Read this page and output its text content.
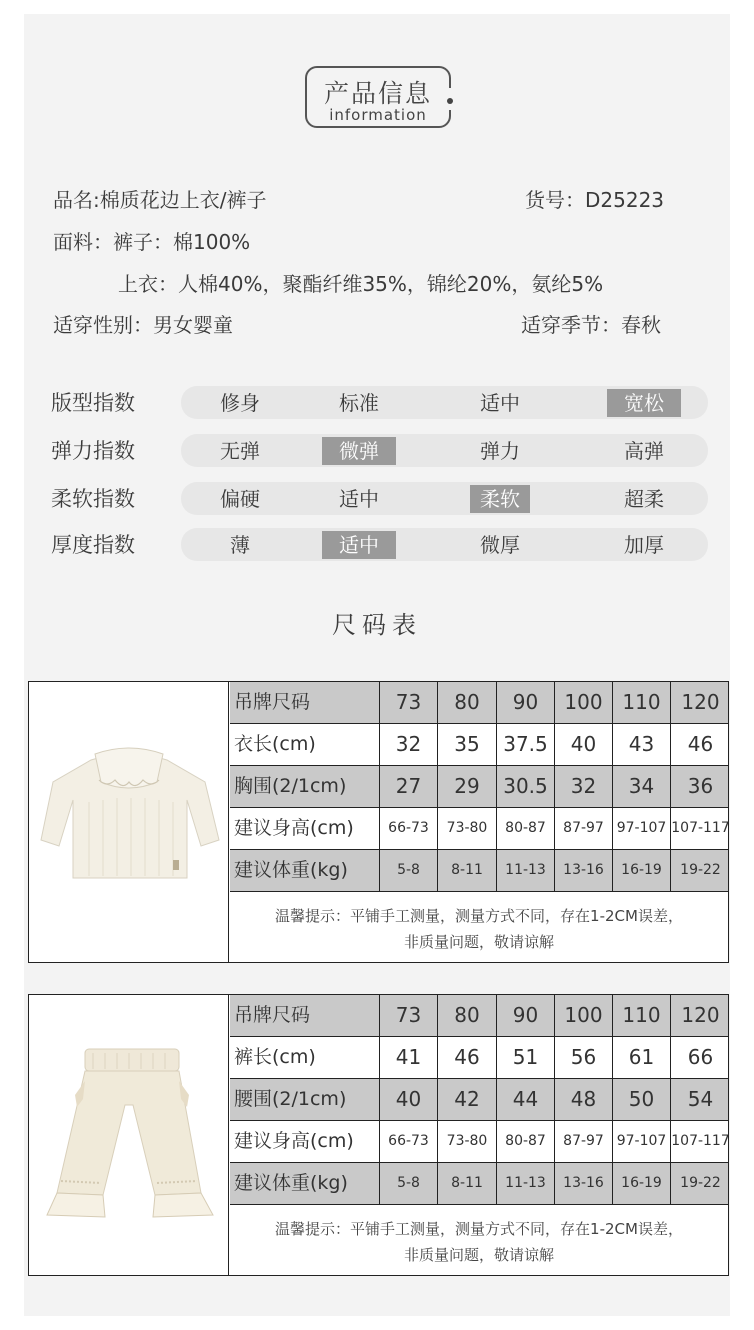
产品信息
information
品名:棉质花边上衣/裤子	货号：D25223
面料：裤子：棉100%
上衣：人棉40%，聚酯纤维35%，锦纶20%，氨纶5%
适穿性别：男女婴童	适穿季节：春秋
版型指数	修身	标准	适中	宽松
弹力指数	无弹	微弹	弹力	高弹
柔软指数	偏硬	适中	柔软	超柔
厚度指数	薄	适中	微厚	加厚
尺码表
吊牌尺码	73	80	90	100 110	120
衣长(cm)	32	35	37.5	40	43	46
胸围(2/1cm)	27	29	30.5	32	34	36
建议身高(cm)	66-73	73-80	80-87	87-97 97-107 107-117
建议体重(kg)	5-8	8-11	11-13	13-16	16-19	19-22
温馨提示：平铺手工测量，测量方式不同，存在1-2CM误差，
非质量问题，敬请谅解
吊牌尺码	73	80	90	100 110	120
裤长(cm)	41	46	51	56	61	66
腰围(2/1cm)	40	42	44	48	50	54
建议身高(cm)	66-73	73-80	80-87	87-97 97-107 107-117
建议体重(kg)	5-8	8-11	11-13	13-16	16-19	19-22
温馨提示：平铺手工测量，测量方式不同，存在1-2CM误差，
非质量问题，敬请谅解
